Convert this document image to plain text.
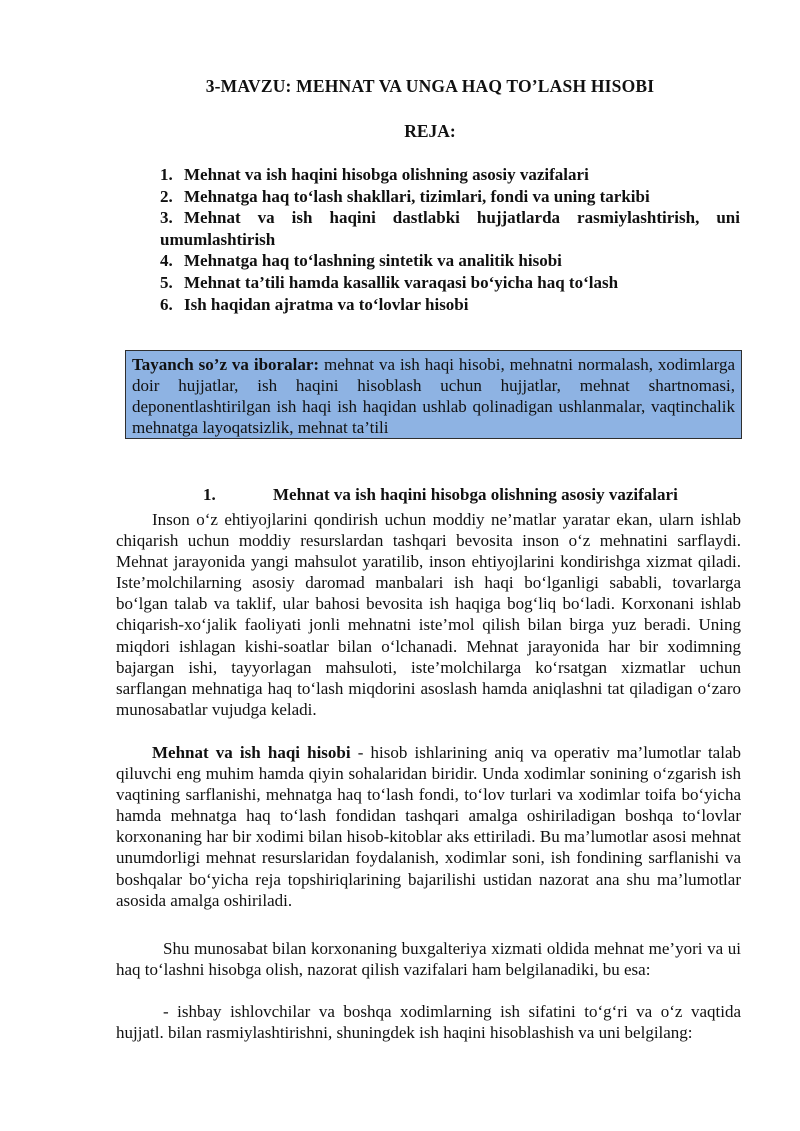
3-MAVZU: MEHNAT VA UNGA HAQ TO’LASH HISOBI
REJA:
1. Mehnat va ish haqini hisobga olishning asosiy vazifalari
2. Mehnatga haq to‘lash shakllari, tizimlari, fondi va uning tarkibi
3. Mehnat va ish haqini dastlabki hujjatlarda rasmiylashtirish, uni umumlashtirish
4. Mehnatga haq to‘lashning sintetik va analitik hisobi
5. Mehnat ta’tili hamda kasallik varaqasi bo‘yicha haq to‘lash
6. Ish haqidan ajratma va to‘lovlar hisobi
Tayanch so’z va iboralar: mehnat va ish haqi hisobi, mehnatni normalash, xodimlarga doir hujjatlar, ish haqini hisoblash uchun hujjatlar, mehnat shartnomasi, deponentlashtirilgan ish haqi ish haqidan ushlab qolinadigan ushlanmalar, vaqtinchalik mehnatga layoqatsizlik, mehnat ta’tili
1.	Mehnat va ish haqini hisobga olishning asosiy vazifalari
Inson o‘z ehtiyojlarini qondirish uchun moddiy ne’matlar yaratar ekan, ularn ishlab chiqarish uchun moddiy resurslardan tashqari bevosita inson o‘z mehnatini sarflaydi. Mehnat jarayonida yangi mahsulot yaratilib, inson ehtiyojlarini kondirishga xizmat qiladi. Iste’molchilarning asosiy daromad manbalari ish haqi bo‘lganligi sababli, tovarlarga bo‘lgan talab va taklif, ular bahosi bevosita ish haqiga bog‘liq bo‘ladi. Korxonani ishlab chiqarish-xo‘jalik faoliyati jonli mehnatni iste’mol qilish bilan birga yuz beradi. Uning miqdori ishlagan kishi-soatlar bilan o‘lchanadi. Mehnat jarayonida har bir xodimning bajargan ishi, tayyorlagan mahsuloti, iste’molchilarga ko‘rsatgan xizmatlar uchun sarflangan mehnatiga haq to‘lash miqdorini asoslash hamda aniqlashni tat qiladigan o‘zaro munosabatlar vujudga keladi.
Mehnat va ish haqi hisobi - hisob ishlarining aniq va operativ ma’lumotlar talab qiluvchi eng muhim hamda qiyin sohalaridan biridir. Unda xodimlar sonining o‘zgarish ish vaqtining sarflanishi, mehnatga haq to‘lash fondi, to‘lov turlari va xodimlar toifa bo‘yicha hamda mehnatga haq to‘lash fondidan tashqari amalga oshiriladigan boshqa to‘lovlar korxonaning har bir xodimi bilan hisob-kitoblar aks ettiriladi. Bu ma’lumotlar asosi mehnat unumdorligi mehnat resurslaridan foydalanish, xodimlar soni, ish fondining sarflanishi va boshqalar bo‘yicha reja topshiriqlarining bajarilishi ustidan nazorat ana shu ma’lumotlar asosida amalga oshiriladi.
Shu munosabat bilan korxonaning buxgalteriya xizmati oldida mehnat me’yori va ui haq to‘lashni hisobga olish, nazorat qilish vazifalari ham belgilanadiki, bu esa:
- ishbay ishlovchilar va boshqa xodimlarning ish sifatini to‘g‘ri va o‘z vaqtida hujjatl. bilan rasmiylashtirishni, shuningdek ish haqini hisoblashish va uni belgilang:
